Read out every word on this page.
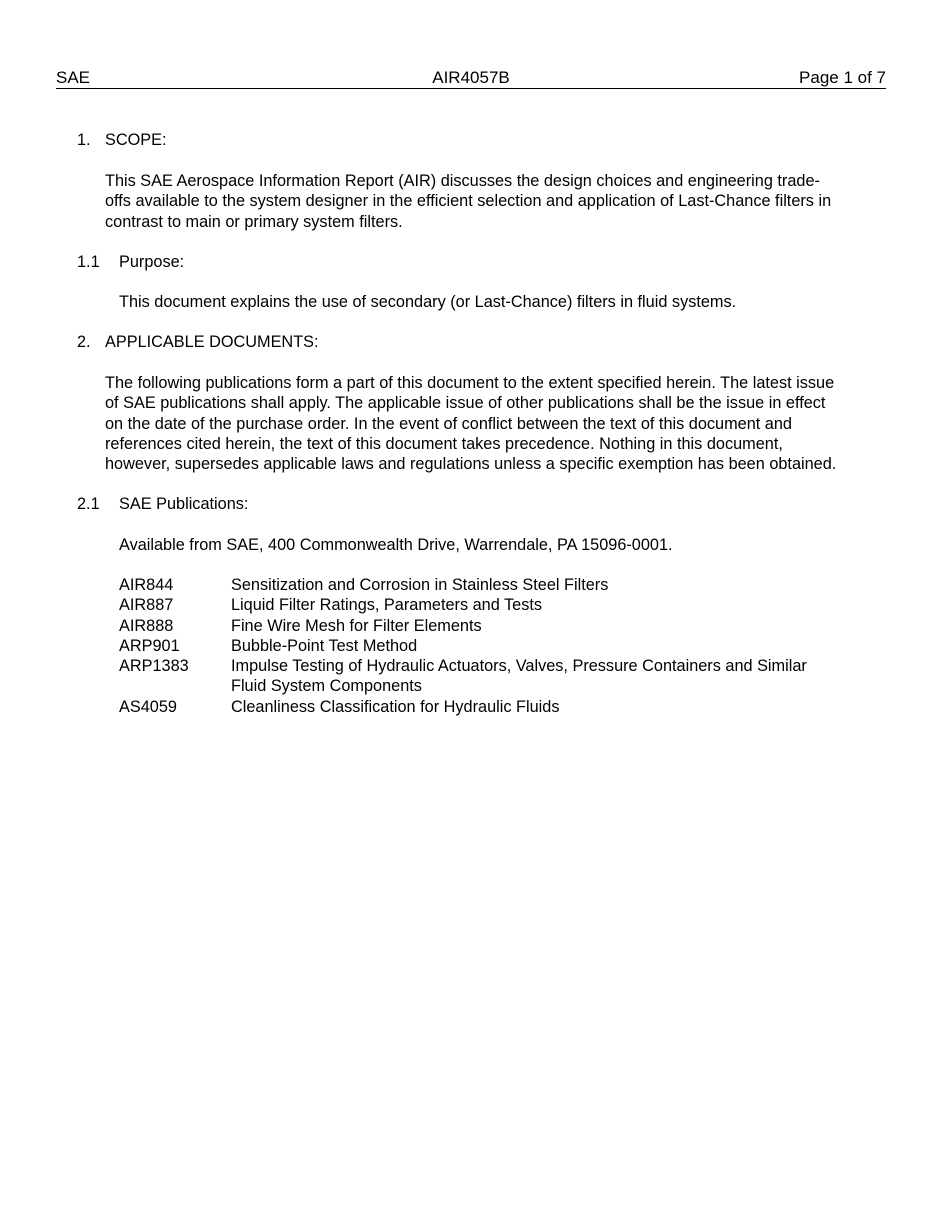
SAE	AIR4057B	Page 1 of 7
1. SCOPE:

This SAE Aerospace Information Report (AIR) discusses the design choices and engineering trade-

offs available to the system designer in the efficient selection and application of Last-Chance filters in

contrast to main or primary system filters.

1.1 Purpose:

This document explains the use of secondary (or Last-Chance) filters in fluid systems.

2. APPLICABLE DOCUMENTS:

The following publications form a part of this document to the extent specified herein. The latest issue

of SAE publications shall apply. The applicable issue of other publications shall be the issue in effect

on the date of the purchase order. In the event of conflict between the text of this document and

references cited herein, the text of this document takes precedence. Nothing in this document,

however, supersedes applicable laws and regulations unless a specific exemption has been obtained.

2.1 SAE Publications:

Available from SAE, 400 Commonwealth Drive, Warrendale, PA 15096-0001.

AIR844	Sensitization and Corrosion in Stainless Steel Filters
AIR887	Liquid Filter Ratings, Parameters and Tests
AIR888	Fine Wire Mesh for Filter Elements
ARP901	Bubble-Point Test Method
ARP1383	Impulse Testing of Hydraulic Actuators, Valves, Pressure Containers and Similar
Fluid System Components
AS4059	Cleanliness Classification for Hydraulic Fluids
